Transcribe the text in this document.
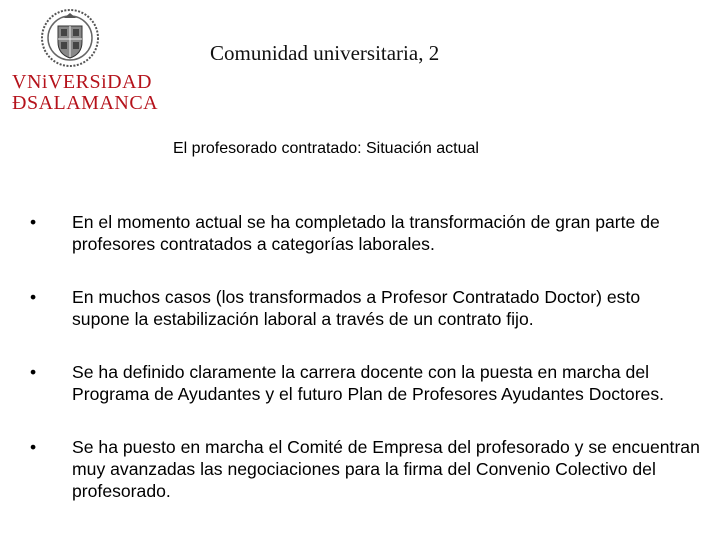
VNiVERSiDAD
ÐSALAMANCA
Comunidad universitaria, 2
El profesorado contratado: Situación actual
•	En el momento actual se ha completado la transformación de gran parte de profesores contratados a categorías laborales.
•	En muchos casos (los transformados a Profesor Contratado Doctor) esto supone la estabilización laboral a través de un contrato fijo.
•	Se ha definido claramente la carrera docente con la puesta en marcha del Programa de Ayudantes y el futuro Plan de Profesores Ayudantes Doctores.
•	Se ha puesto en marcha el Comité de Empresa del profesorado y se encuentran muy avanzadas las negociaciones para la firma del Convenio Colectivo del profesorado.
